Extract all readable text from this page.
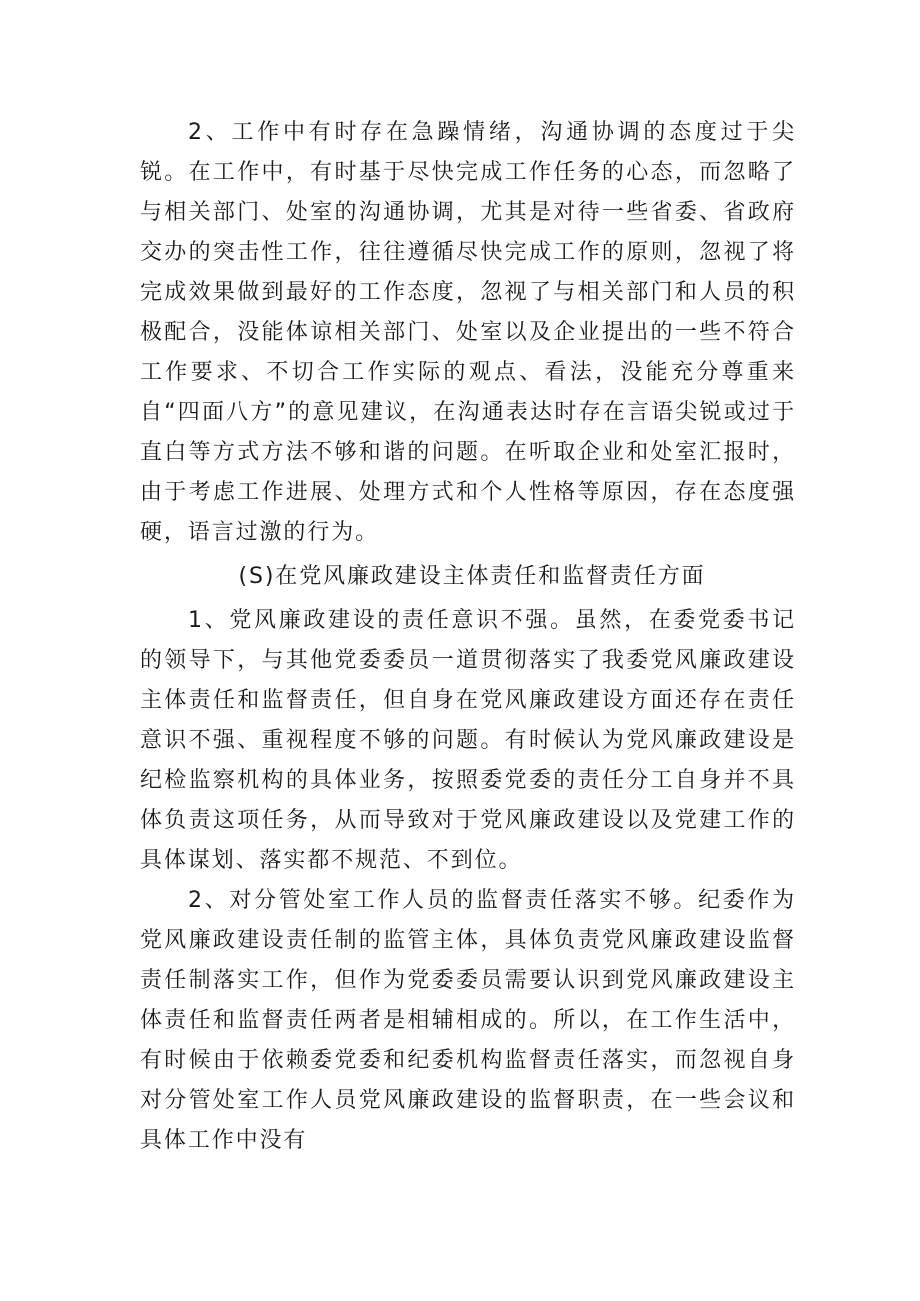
2、工作中有时存在急躁情绪，沟通协调的态度过于尖锐。在工作中，有时基于尽快完成工作任务的心态，而忽略了与相关部门、处室的沟通协调，尤其是对待一些省委、省政府交办的突击性工作，往往遵循尽快完成工作的原则，忽视了将完成效果做到最好的工作态度，忽视了与相关部门和人员的积极配合，没能体谅相关部门、处室以及企业提出的一些不符合工作要求、不切合工作实际的观点、看法，没能充分尊重来自“四面八方”的意见建议，在沟通表达时存在言语尖锐或过于直白等方式方法不够和谐的问题。在听取企业和处室汇报时，由于考虑工作进展、处理方式和个人性格等原因，存在态度强硬，语言过激的行为。

(S)在党风廉政建设主体责任和监督责任方面

1、党风廉政建设的责任意识不强。虽然，在委党委书记的领导下，与其他党委委员一道贯彻落实了我委党风廉政建设主体责任和监督责任，但自身在党风廉政建设方面还存在责任意识不强、重视程度不够的问题。有时候认为党风廉政建设是纪检监察机构的具体业务，按照委党委的责任分工自身并不具体负责这项任务，从而导致对于党风廉政建设以及党建工作的具体谋划、落实都不规范、不到位。

2、对分管处室工作人员的监督责任落实不够。纪委作为党风廉政建设责任制的监管主体，具体负责党风廉政建设监督责任制落实工作，但作为党委委员需要认识到党风廉政建设主体责任和监督责任两者是相辅相成的。所以，在工作生活中，有时候由于依赖委党委和纪委机构监督责任落实，而忽视自身对分管处室工作人员党风廉政建设的监督职责，在一些会议和具体工作中没有
